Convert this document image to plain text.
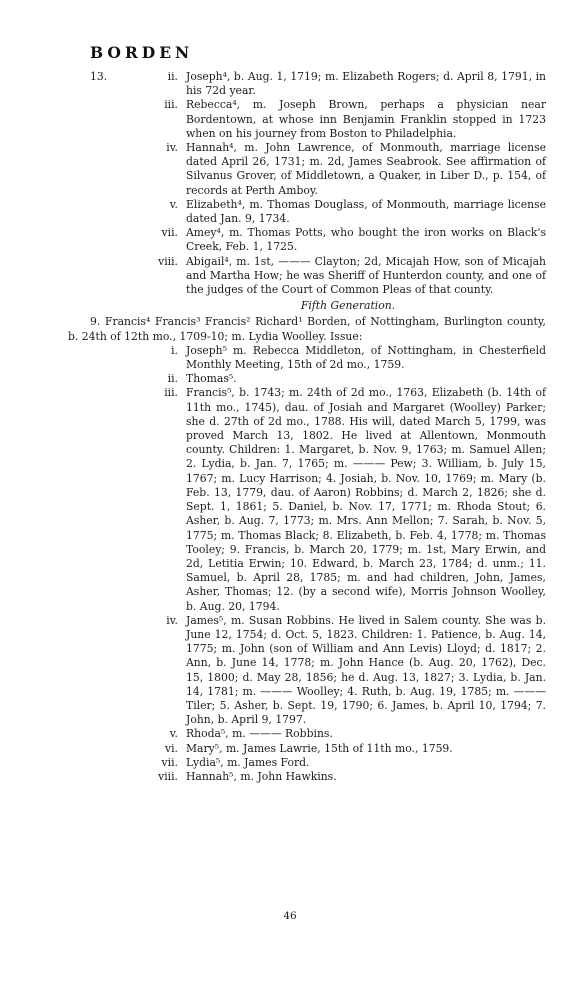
BORDEN
13.	ii. Joseph⁴, b. Aug. 1, 1719; m. Elizabeth Rogers; d. April 8, 1791, in his 72d year.
iii. Rebecca⁴, m. Joseph Brown, perhaps a physician near Bordentown, at whose inn Benjamin Franklin stopped in 1723 when on his journey from Boston to Philadelphia.
iv. Hannah⁴, m. John Lawrence, of Monmouth, marriage license dated April 26, 1731; m. 2d, James Seabrook. See affirmation of Silvanus Grover, of Middletown, a Quaker, in Liber D., p. 154, of records at Perth Amboy.
v. Elizabeth⁴, m. Thomas Douglass, of Monmouth, marriage license dated Jan. 9, 1734.
vii. Amey⁴, m. Thomas Potts, who bought the iron works on Black's Creek, Feb. 1, 1725.
viii. Abigail⁴, m. 1st, ——— Clayton; 2d, Micajah How, son of Micajah and Martha How; he was Sheriff of Hunterdon county, and one of the judges of the Court of Common Pleas of that county.
Fifth Generation.
9. Francis⁴ Francis³ Francis² Richard¹ Borden, of Nottingham, Burlington county, b. 24th of 12th mo., 1709-10; m. Lydia Woolley. Issue:
i. Joseph⁵ m. Rebecca Middleton, of Nottingham, in Chesterfield Monthly Meeting, 15th of 2d mo., 1759.
ii. Thomas⁵.
iii. Francis⁵, b. 1743; m. 24th of 2d mo., 1763, Elizabeth (b. 14th of 11th mo., 1745), dau. of Josiah and Margaret (Woolley) Parker; she d. 27th of 2d mo., 1788. His will, dated March 5, 1799, was proved March 13, 1802. He lived at Allentown, Monmouth county. Children: 1. Margaret, b. Nov. 9, 1763; m. Samuel Allen; 2. Lydia, b. Jan. 7, 1765; m. ——— Pew; 3. William, b. July 15, 1767; m. Lucy Harrison; 4. Josiah, b. Nov. 10, 1769; m. Mary (b. Feb. 13, 1779, dau. of Aaron) Robbins; d. March 2, 1826; she d. Sept. 1, 1861; 5. Daniel, b. Nov. 17, 1771; m. Rhoda Stout; 6. Asher, b. Aug. 7, 1773; m. Mrs. Ann Mellon; 7. Sarah, b. Nov. 5, 1775; m. Thomas Black; 8. Elizabeth, b. Feb. 4, 1778; m. Thomas Tooley; 9. Francis, b. March 20, 1779; m. 1st, Mary Erwin, and 2d, Letitia Erwin; 10. Edward, b. March 23, 1784; d. unm.; 11. Samuel, b. April 28, 1785; m. and had children, John, James, Asher, Thomas; 12. (by a second wife), Morris Johnson Woolley, b. Aug. 20, 1794.
iv. James⁵, m. Susan Robbins. He lived in Salem county. She was b. June 12, 1754; d. Oct. 5, 1823. Children: 1. Patience, b. Aug. 14, 1775; m. John (son of William and Ann Levis) Lloyd; d. 1817; 2. Ann, b. June 14, 1778; m. John Hance (b. Aug. 20, 1762), Dec. 15, 1800; d. May 28, 1856; he d. Aug. 13, 1827; 3. Lydia, b. Jan. 14, 1781; m. ——— Woolley; 4. Ruth, b. Aug. 19, 1785; m. ——— Tiler; 5. Asher, b. Sept. 19, 1790; 6. James, b. April 10, 1794; 7. John, b. April 9, 1797.
v. Rhoda⁵, m. ——— Robbins.
vi. Mary⁵, m. James Lawrie, 15th of 11th mo., 1759.
vii. Lydia⁵, m. James Ford.
viii. Hannah⁵, m. John Hawkins.
46
